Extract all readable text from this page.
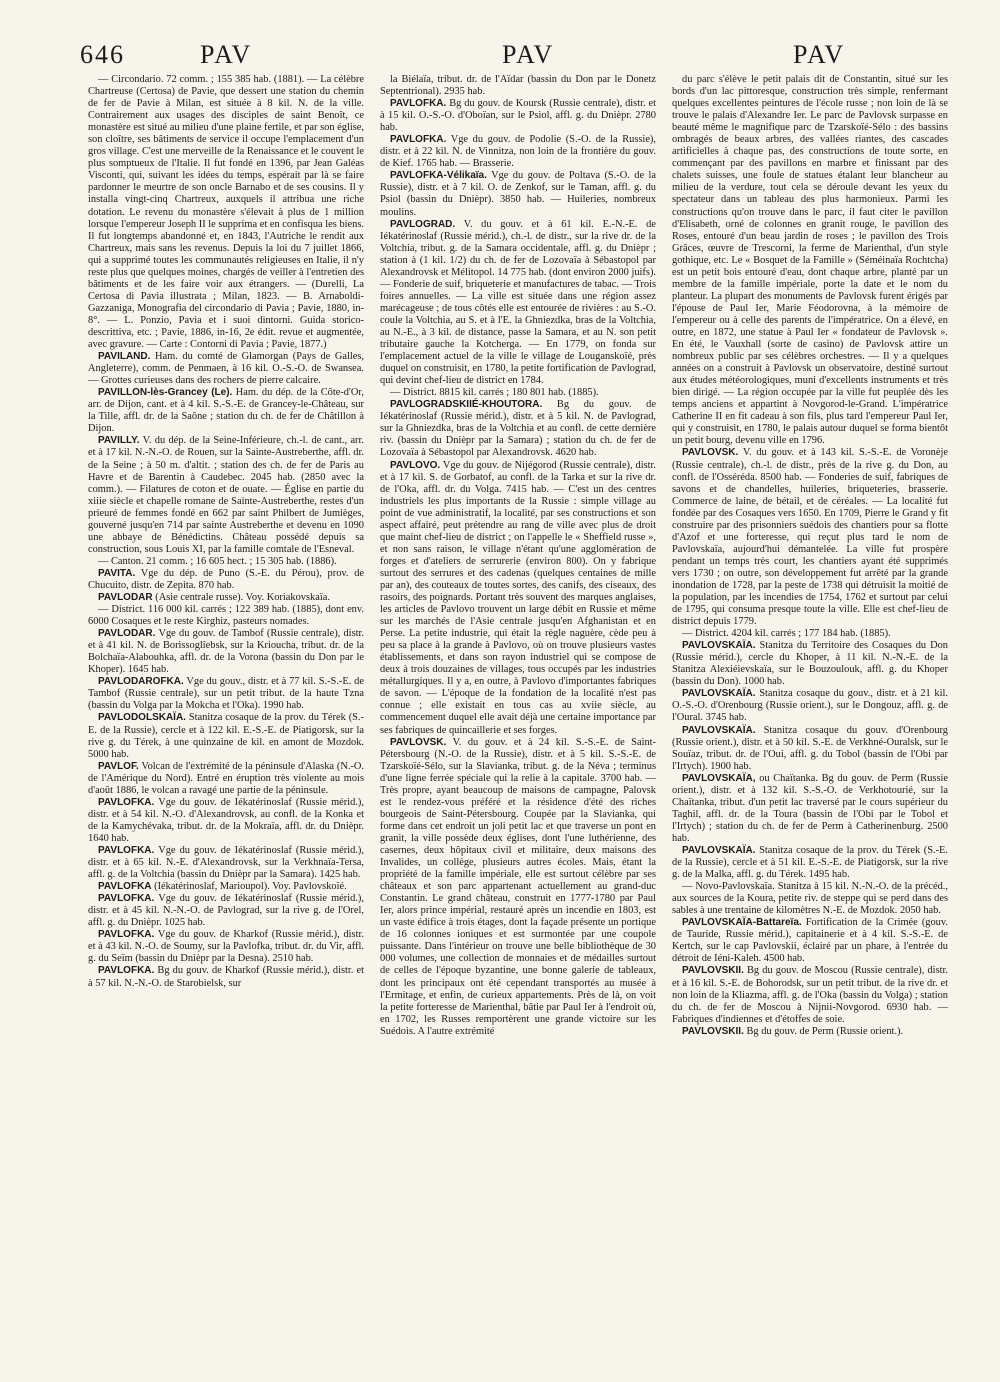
646	PAV	PAV	PAV

— Circondario. 72 comm. ; 155 385 hab. (1881). — La célèbre Chartreuse (Certosa) de Pavie, que dessert une station du chemin de fer de Pavie à Milan, est située à 8 kil. N. de la ville. Contrairement aux usages des disciples de saint Benoît, ce monastère est situé au milieu d'une plaine fertile, et par son église, son cloître, ses bâtiments de service il occupe l'emplacement d'un gros village. C'est une merveille de la Renaissance et le couvent le plus somptueux de l'Italie. Il fut fondé en 1396, par Jean Galéas Visconti, qui, suivant les idées du temps, espérait par là se faire pardonner le meurtre de son oncle Barnabo et de ses cousins. Il y installa vingt-cinq Chartreux, auxquels il attribua une riche dotation. Le revenu du monastère s'élevait à plus de 1 million lorsque l'empereur Joseph II le supprima et en confisqua les biens. Il fut longtemps abandonné et, en 1843, l'Autriche le rendit aux Chartreux, mais sans les revenus. Depuis la loi du 7 juillet 1866, qui a supprimé toutes les communautés religieuses en Italie, il n'y reste plus que quelques moines, chargés de veiller à l'entretien des bâtiments et de les faire voir aux étrangers. — (Durelli, La Certosa di Pavia illustrata ; Milan, 1823. — B. Arnaboldi-Gazzaniga, Monografia del circondario di Pavia ; Pavie, 1880, in-8°. — L. Ponzio, Pavia et i suoi dintorni. Guida storico-descrittiva, etc. ; Pavie, 1886, in-16, 2e édit. revue et augmentée, avec gravure. — Carte : Contorni di Pavia ; Pavie, 1877.)

PAVILAND. Ham. du comté de Glamorgan (Pays de Galles, Angleterre), comm. de Penmaen, à 16 kil. O.-S.-O. de Swansea. — Grottes curieuses dans des rochers de pierre calcaire.

PAVILLON-lès-Grancey (Le). Ham. du dép. de la Côte-d'Or, arr. de Dijon, cant. et à 4 kil. S.-S.-E. de Grancey-le-Château, sur la Tille, affl. dr. de la Saône ; station du ch. de fer de Châtillon à Dijon.

PAVILLY. V. du dép. de la Seine-Inférieure, ch.-l. de cant., arr. et à 17 kil. N.-N.-O. de Rouen, sur la Sainte-Austreberthe, affl. dr. de la Seine ; à 50 m. d'altit. ; station des ch. de fer de Paris au Havre et de Barentin à Caudebec. 2045 hab. (2850 avec la comm.). — Filatures de coton et de ouate. — Église en partie du xiiie siècle et chapelle romane de Sainte-Austreberthe, restes d'un prieuré de femmes fondé en 662 par saint Philbert de Jumièges, gouverné jusqu'en 714 par sainte Austreberthe et devenu en 1090 une abbaye de Bénédictins. Château possédé depuis sa construction, sous Louis XI, par la famille comtale de l'Esneval.

— Canton. 21 comm. ; 16 605 hect. ; 15 305 hab. (1886).

PAVITA. Vge du dép. de Puno (S.-E. du Pérou), prov. de Chucuito, distr. de Zepita. 870 hab.

PAVLODAR (Asie centrale russe). Voy. Koriakovskaïa.

— District. 116 000 kil. carrés ; 122 389 hab. (1885), dont env. 6000 Cosaques et le reste Kirghiz, pasteurs nomades.

PAVLODAR. Vge du gouv. de Tambof (Russie centrale), distr. et à 41 kil. N. de Borissoglîebsk, sur la Krioucha, tribut. dr. de la Bolchaïa-Alabouhka, affl. dr. de la Vorona (bassin du Don par le Khoper). 1645 hab.

PAVLODAROFKA. Vge du gouv., distr. et à 77 kil. S.-S.-E. de Tambof (Russie centrale), sur un petit tribut. de la haute Tzna (bassin du Volga par la Mokcha et l'Oka). 1990 hab.

PAVLODOLSKAÏA. Stanitza cosaque de la prov. du Térek (S.-E. de la Russie), cercle et à 122 kil. E.-S.-E. de Piatigorsk, sur la rive g. du Térek, à une quinzaine de kil. en amont de Mozdok. 5000 hab.

PAVLOF. Volcan de l'extrémité de la péninsule d'Alaska (N.-O. de l'Amérique du Nord). Entré en éruption très violente au mois d'août 1886, le volcan a ravagé une partie de la péninsule.

PAVLOFKA. Vge du gouv. de Iékatérinoslaf (Russie mérid.), distr. et à 54 kil. N.-O. d'Alexandrovsk, au confl. de la Konka et de la Kamychévaka, tribut. dr. de la Mokraïa, affl. dr. du Dnièpr. 1640 hab.

PAVLOFKA. Vge du gouv. de Iékatérinoslaf (Russie mérid.), distr. et à 65 kil. N.-E. d'Alexandrovsk, sur la Verkhnaïa-Tersa, affl. g. de la Voltchia (bassin du Dnièpr par la Samara). 1425 hab.

PAVLOFKA (Iékatérinoslaf, Marioupol). Voy. Pavlovskoïé.

PAVLOFKA. Vge du gouv. de Iékatérinoslaf (Russie mérid.), distr. et à 45 kil. N.-N.-O. de Pavlograd, sur la rive g. de l'Orel, affl. g. du Dnièpr. 1025 hab.

PAVLOFKA. Vge du gouv. de Kharkof (Russie mérid.), distr. et à 43 kil. N.-O. de Soumy, sur la Pavlofka, tribut. dr. du Vir, affl. g. du Seïm (bassin du Dnièpr par la Desna). 2510 hab.

PAVLOFKA. Bg du gouv. de Kharkof (Russie mérid.), distr. et à 57 kil. N.-N.-O. de Starobielsk, sur

la Biélaïa, tribut. dr. de l'Aïdar (bassin du Don par le Donetz Septentrional). 2935 hab.

PAVLOFKA. Bg du gouv. de Koursk (Russie centrale), distr. et à 15 kil. O.-S.-O. d'Oboïan, sur le Psiol, affl. g. du Dnièpr. 2780 hab.

PAVLOFKA. Vge du gouv. de Podolie (S.-O. de la Russie), distr. et à 22 kil. N. de Vinnitza, non loin de la frontière du gouv. de Kief. 1765 hab. — Brasserie.

PAVLOFKA-Vélikaïa. Vge du gouv. de Poltava (S.-O. de la Russie), distr. et à 7 kil. O. de Zenkof, sur le Taman, affl. g. du Psiol (bassin du Dnièpr). 3850 hab. — Huileries, nombreux moulins.

PAVLOGRAD. V. du gouv. et à 61 kil. E.-N.-E. de Iékatérinoslaf (Russie mérid.), ch.-l. de distr., sur la rive dr. de la Voltchia, tribut. g. de la Samara occidentale, affl. g. du Dnièpr ; station à (1 kil. 1/2) du ch. de fer de Lozovaïa à Sébastopol par Alexandrovsk et Mélitopol. 14 775 hab. (dont environ 2000 juifs). — Fonderie de suif, briqueterie et manufactures de tabac. — Trois foires annuelles. — La ville est située dans une région assez marécageuse ; de tous côtés elle est entourée de rivières : au S.-O. coule la Voltchia, au S. et à l'E. la Ghniezdka, bras de la Voltchia, au N.-E., à 3 kil. de distance, passe la Samara, et au N. son petit tributaire gauche la Kotcherga. — En 1779, on fonda sur l'emplacement actuel de la ville le village de Louganskoïé, près duquel on construisit, en 1780, la petite fortification de Pavlograd, qui devint chef-lieu de district en 1784.

— District. 8815 kil. carrés ; 180 801 hab. (1885).

PAVLOGRADSKIIÉ-KHOUTORA. Bg du gouv. de Iékatérinoslaf (Russie mérid.), distr. et à 5 kil. N. de Pavlograd, sur la Ghniezdka, bras de la Voltchia et au confl. de cette dernière riv. (bassin du Dnièpr par la Samara) ; station du ch. de fer de Lozovaïa à Sébastopol par Alexandrovsk. 4620 hab.

PAVLOVO. Vge du gouv. de Nijégorod (Russie centrale), distr. et à 17 kil. S. de Gorbatof, au confl. de la Tarka et sur la rive dr. de l'Oka, affl. dr. du Volga. 7415 hab. — C'est un des centres industriels les plus importants de la Russie : simple village au point de vue administratif, la localité, par ses constructions et son aspect affairé, peut prétendre au rang de ville avec plus de droit que maint chef-lieu de district ; on l'appelle le « Sheffield russe », et non sans raison, le village n'étant qu'une agglomération de forges et d'ateliers de serrurerie (environ 800). On y fabrique surtout des serrures et des cadenas (quelques centaines de mille par an), des couteaux de toutes sortes, des canifs, des ciseaux, des rasoirs, des poignards. Portant très souvent des marques anglaises, les articles de Pavlovo trouvent un large débit en Russie et même sur les marchés de l'Asie centrale jusqu'en Afghanistan et en Perse. La petite industrie, qui était la règle naguère, cède peu à peu sa place à la grande à Pavlovo, où on trouve plusieurs vastes établissements, et dans son rayon industriel qui se compose de deux à trois douzaines de villages, tous occupés par les industries métallurgiques. Il y a, en outre, à Pavlovo d'importantes fabriques de savon. — L'époque de la fondation de la localité n'est pas connue ; elle existait en tous cas au xviie siècle, au commencement duquel elle avait déjà une certaine importance par ses fabriques de quincaillerie et ses forges.

PAVLOVSK. V. du gouv. et à 24 kil. S.-S.-E. de Saint-Pétersbourg (N.-O. de la Russie), distr. et à 5 kil. S.-S.-E. de Tzarskoïé-Sélo, sur la Slavianka, tribut. g. de la Néva ; terminus d'une ligne ferrée spéciale qui la relie à la capitale. 3700 hab. — Très propre, ayant beaucoup de maisons de campagne, Palovsk est le rendez-vous préféré et la résidence d'été des riches bourgeois de Saint-Pétersbourg. Coupée par la Slavianka, qui forme dans cet endroit un joli petit lac et que traverse un pont en granit, la ville possède deux églises, dont l'une luthérienne, des casernes, deux hôpitaux civil et militaire, deux maisons des Invalides, un collège, plusieurs autres écoles. Mais, étant la propriété de la famille impériale, elle est surtout célèbre par ses châteaux et son parc appartenant actuellement au grand-duc Constantin. Le grand château, construit en 1777-1780 par Paul Ier, alors prince impérial, restauré après un incendie en 1803, est un vaste édifice à trois étages, dont la façade présente un portique de 16 colonnes ioniques et est surmontée par une coupole puissante. Dans l'intérieur on trouve une belle bibliothèque de 30 000 volumes, une collection de monnaies et de médailles surtout de celles de l'époque byzantine, une bonne galerie de tableaux, dont les principaux ont été cependant transportés au musée à l'Ermitage, et enfin, de curieux appartements. Près de là, on voit la petite forteresse de Marienthal, bâtie par Paul Ier à l'endroit où, en 1702, les Russes remportèrent une grande victoire sur les Suédois. A l'autre extrémité

du parc s'élève le petit palais dit de Constantin, situé sur les bords d'un lac pittoresque, construction très simple, renfermant quelques excellentes peintures de l'école russe ; non loin de là se trouve le palais d'Alexandre Ier. Le parc de Pavlovsk surpasse en beauté même le magnifique parc de Tzarskoïé-Sélo : des bassins ombragés de beaux arbres, des vallées riantes, des cascades artificielles à chaque pas, des constructions de toute sorte, en commençant par des pavillons en marbre et finissant par des chalets suisses, une foule de statues étalant leur blancheur au milieu de la verdure, tout cela se déroule devant les yeux du spectateur dans un tableau des plus harmonieux. Parmi les constructions qu'on trouve dans le parc, il faut citer le pavillon d'Elisabeth, orné de colonnes en granit rouge, le pavillon des Roses, entouré d'un beau jardin de roses ; le pavillon des Trois Grâces, œuvre de Trescorni, la ferme de Marienthal, d'un style gothique, etc. Le « Bosquet de la Famille » (Séméinaïa Rochtcha) est un petit bois entouré d'eau, dont chaque arbre, planté par un membre de la famille impériale, porte la date et le nom du planteur. La plupart des monuments de Pavlovsk furent érigés par l'épouse de Paul Ier, Marie Féodorovna, à la mémoire de l'empereur ou à celle des parents de l'impératrice. On a élevé, en outre, en 1872, une statue à Paul Ier « fondateur de Pavlovsk ». En été, le Vauxhall (sorte de casino) de Pavlovsk attire un nombreux public par ses célèbres orchestres. — Il y a quelques années on a construit à Pavlovsk un observatoire, destiné surtout aux études météorologiques, muni d'excellents instruments et très bien dirigé. — La région occupée par la ville fut peuplée dès les temps anciens et appartint à Novgorod-le-Grand. L'impératrice Catherine II en fit cadeau à son fils, plus tard l'empereur Paul Ier, qui y construisit, en 1780, le palais autour duquel se forma bientôt un petit bourg, devenu ville en 1796.

PAVLOVSK. V. du gouv. et à 143 kil. S.-S.-E. de Voronèje (Russie centrale), ch.-l. de distr., près de la rive g. du Don, au confl. de l'Osséréda. 8500 hab. — Fonderies de suif, fabriques de savons et de chandelles, huileries, briqueteries, brasserie. Commerce de laine, de bétail, et de céréales. — La localité fut fondée par des Cosaques vers 1650. En 1709, Pierre le Grand y fit construire par des prisonniers suédois des chantiers pour sa flotte d'Azof et une forteresse, qui reçut plus tard le nom de Pavlovskaïa, aujourd'hui démantelée. La ville fut prospère pendant un temps très court, les chantiers ayant été supprimés vers 1730 ; on outre, son développement fut arrêté par la grande inondation de 1728, par la peste de 1738 qui détruisit la moitié de la population, par les incendies de 1754, 1762 et surtout par celui de 1795, qui consuma presque toute la ville. Elle est chef-lieu de district depuis 1779.

— District. 4204 kil. carrés ; 177 184 hab. (1885).

PAVLOVSKAÏA. Stanitza du Territoire des Cosaques du Don (Russie mérid.), cercle du Khoper, à 11 kil. N.-N.-E. de la Stanitza Alexiéievskaïa, sur le Bouzoulouk, affl. g. du Khoper (bassin du Don). 1000 hab.

PAVLOVSKAÏA. Stanitza cosaque du gouv., distr. et à 21 kil. O.-S.-O. d'Orenbourg (Russie orient.), sur le Dongouz, affl. g. de l'Oural. 3745 hab.

PAVLOVSKAÏA. Stanitza cosaque du gouv. d'Orenbourg (Russie orient.), distr. et à 50 kil. S.-E. de Verkhné-Ouralsk, sur le Souïaz, tribut. dr. de l'Oui, affl. g. du Tobol (bassin de l'Obi par l'Irtych). 1900 hab.

PAVLOVSKAÏA, ou Chaïtanka. Bg du gouv. de Perm (Russie orient.), distr. et à 132 kil. S.-S.-O. de Verkhotourié, sur la Chaïtanka, tribut. d'un petit lac traversé par le cours supérieur du Taghil, affl. dr. de la Toura (bassin de l'Obi par le Tobol et l'Irtych) ; station du ch. de fer de Perm à Catherinenburg. 2500 hab.

PAVLOVSKAÏA. Stanitza cosaque de la prov. du Térek (S.-E. de la Russie), cercle et à 51 kil. E.-S.-E. de Piatigorsk, sur la rive g. de la Malka, affl. g. du Térek. 1495 hab.

— Novo-Pavlovskaïa. Stanitza à 15 kil. N.-N.-O. de la précéd., aux sources de la Koura, petite riv. de steppe qui se perd dans des sables à une trentaine de kilomètres N.-E. de Mozdok. 2050 hab.

PAVLOVSKAÏA-Battareïa. Fortification de la Crimée (gouv. de Tauride, Russie mérid.), capitainerie et à 4 kil. S.-S.-E. de Kertch, sur le cap Pavlovskii, éclairé par un phare, à l'entrée du détroit de Iéni-Kaleh. 4500 hab.

PAVLOVSKII. Bg du gouv. de Moscou (Russie centrale), distr. et à 16 kil. S.-E. de Bohorodsk, sur un petit tribut. de la rive dr. et non loin de la Kliazma, affl. g. de l'Oka (bassin du Volga) ; station du ch. de fer de Moscou à Nijnii-Novgorod. 6930 hab. — Fabriques d'indiennes et d'étoffes de soie.

PAVLOVSKII. Bg du gouv. de Perm (Russie orient.).
